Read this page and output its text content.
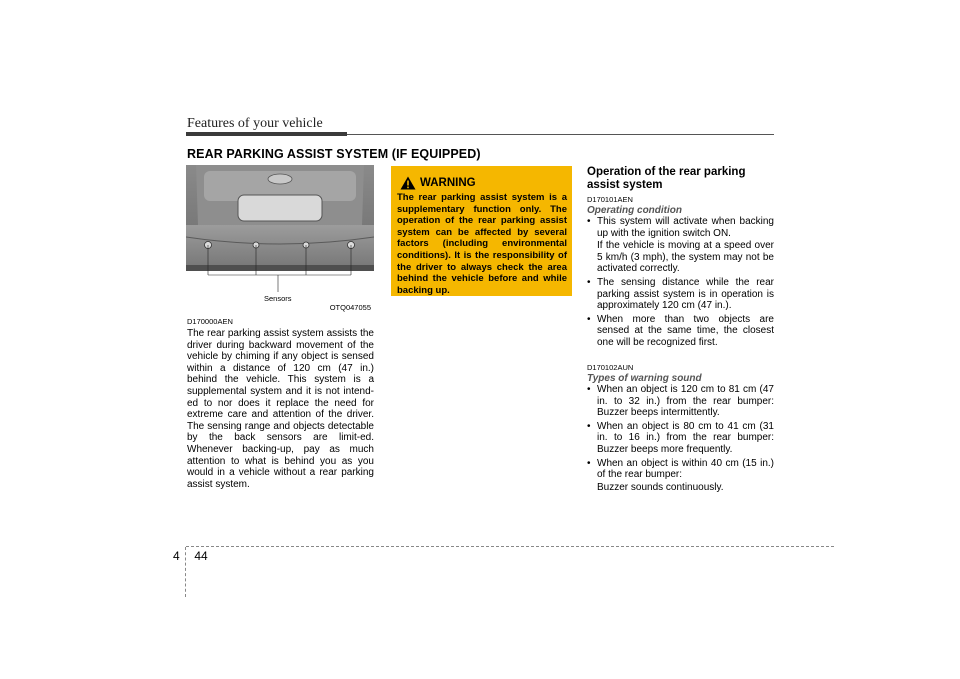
Features of your vehicle
REAR PARKING ASSIST SYSTEM (IF EQUIPPED)
Sensors
OTQ047055
D170000AEN
The rear parking assist system assists the driver during backward movement of the vehicle by chiming if any object is sensed within a distance of 120 cm (47 in.) behind the vehicle. This system is a supplemental system and it is not intend-ed to nor does it replace the need for extreme care and attention of the driver. The sensing range and objects detectable by the back sensors are limit-ed. Whenever backing-up, pay as much attention to what is behind you as you would in a vehicle without a rear parking assist system.
WARNING
The rear parking assist system is a supplementary function only. The operation of the rear parking assist system can be affected by several factors (including environmental conditions). It is the responsibility of the driver to always check the area behind the vehicle before and while backing up.
Operation of the rear parking assist system
D170101AEN
Operating condition
• This system will activate when backing up with the ignition switch ON.
If the vehicle is moving at a speed over 5 km/h (3 mph), the system may not be activated correctly.
• The sensing distance while the rear parking assist system is in operation is approximately 120 cm (47 in.).
• When more than two objects are sensed at the same time, the closest one will be recognized first.
D170102AUN
Types of warning sound
• When an object is 120 cm to 81 cm (47 in. to 32 in.) from the rear bumper: Buzzer beeps intermittently.
• When an object is 80 cm to 41 cm (31 in. to 16 in.) from the rear bumper: Buzzer beeps more frequently.
• When an object is within 40 cm (15 in.) of the rear bumper:
Buzzer sounds continuously.
4 44
